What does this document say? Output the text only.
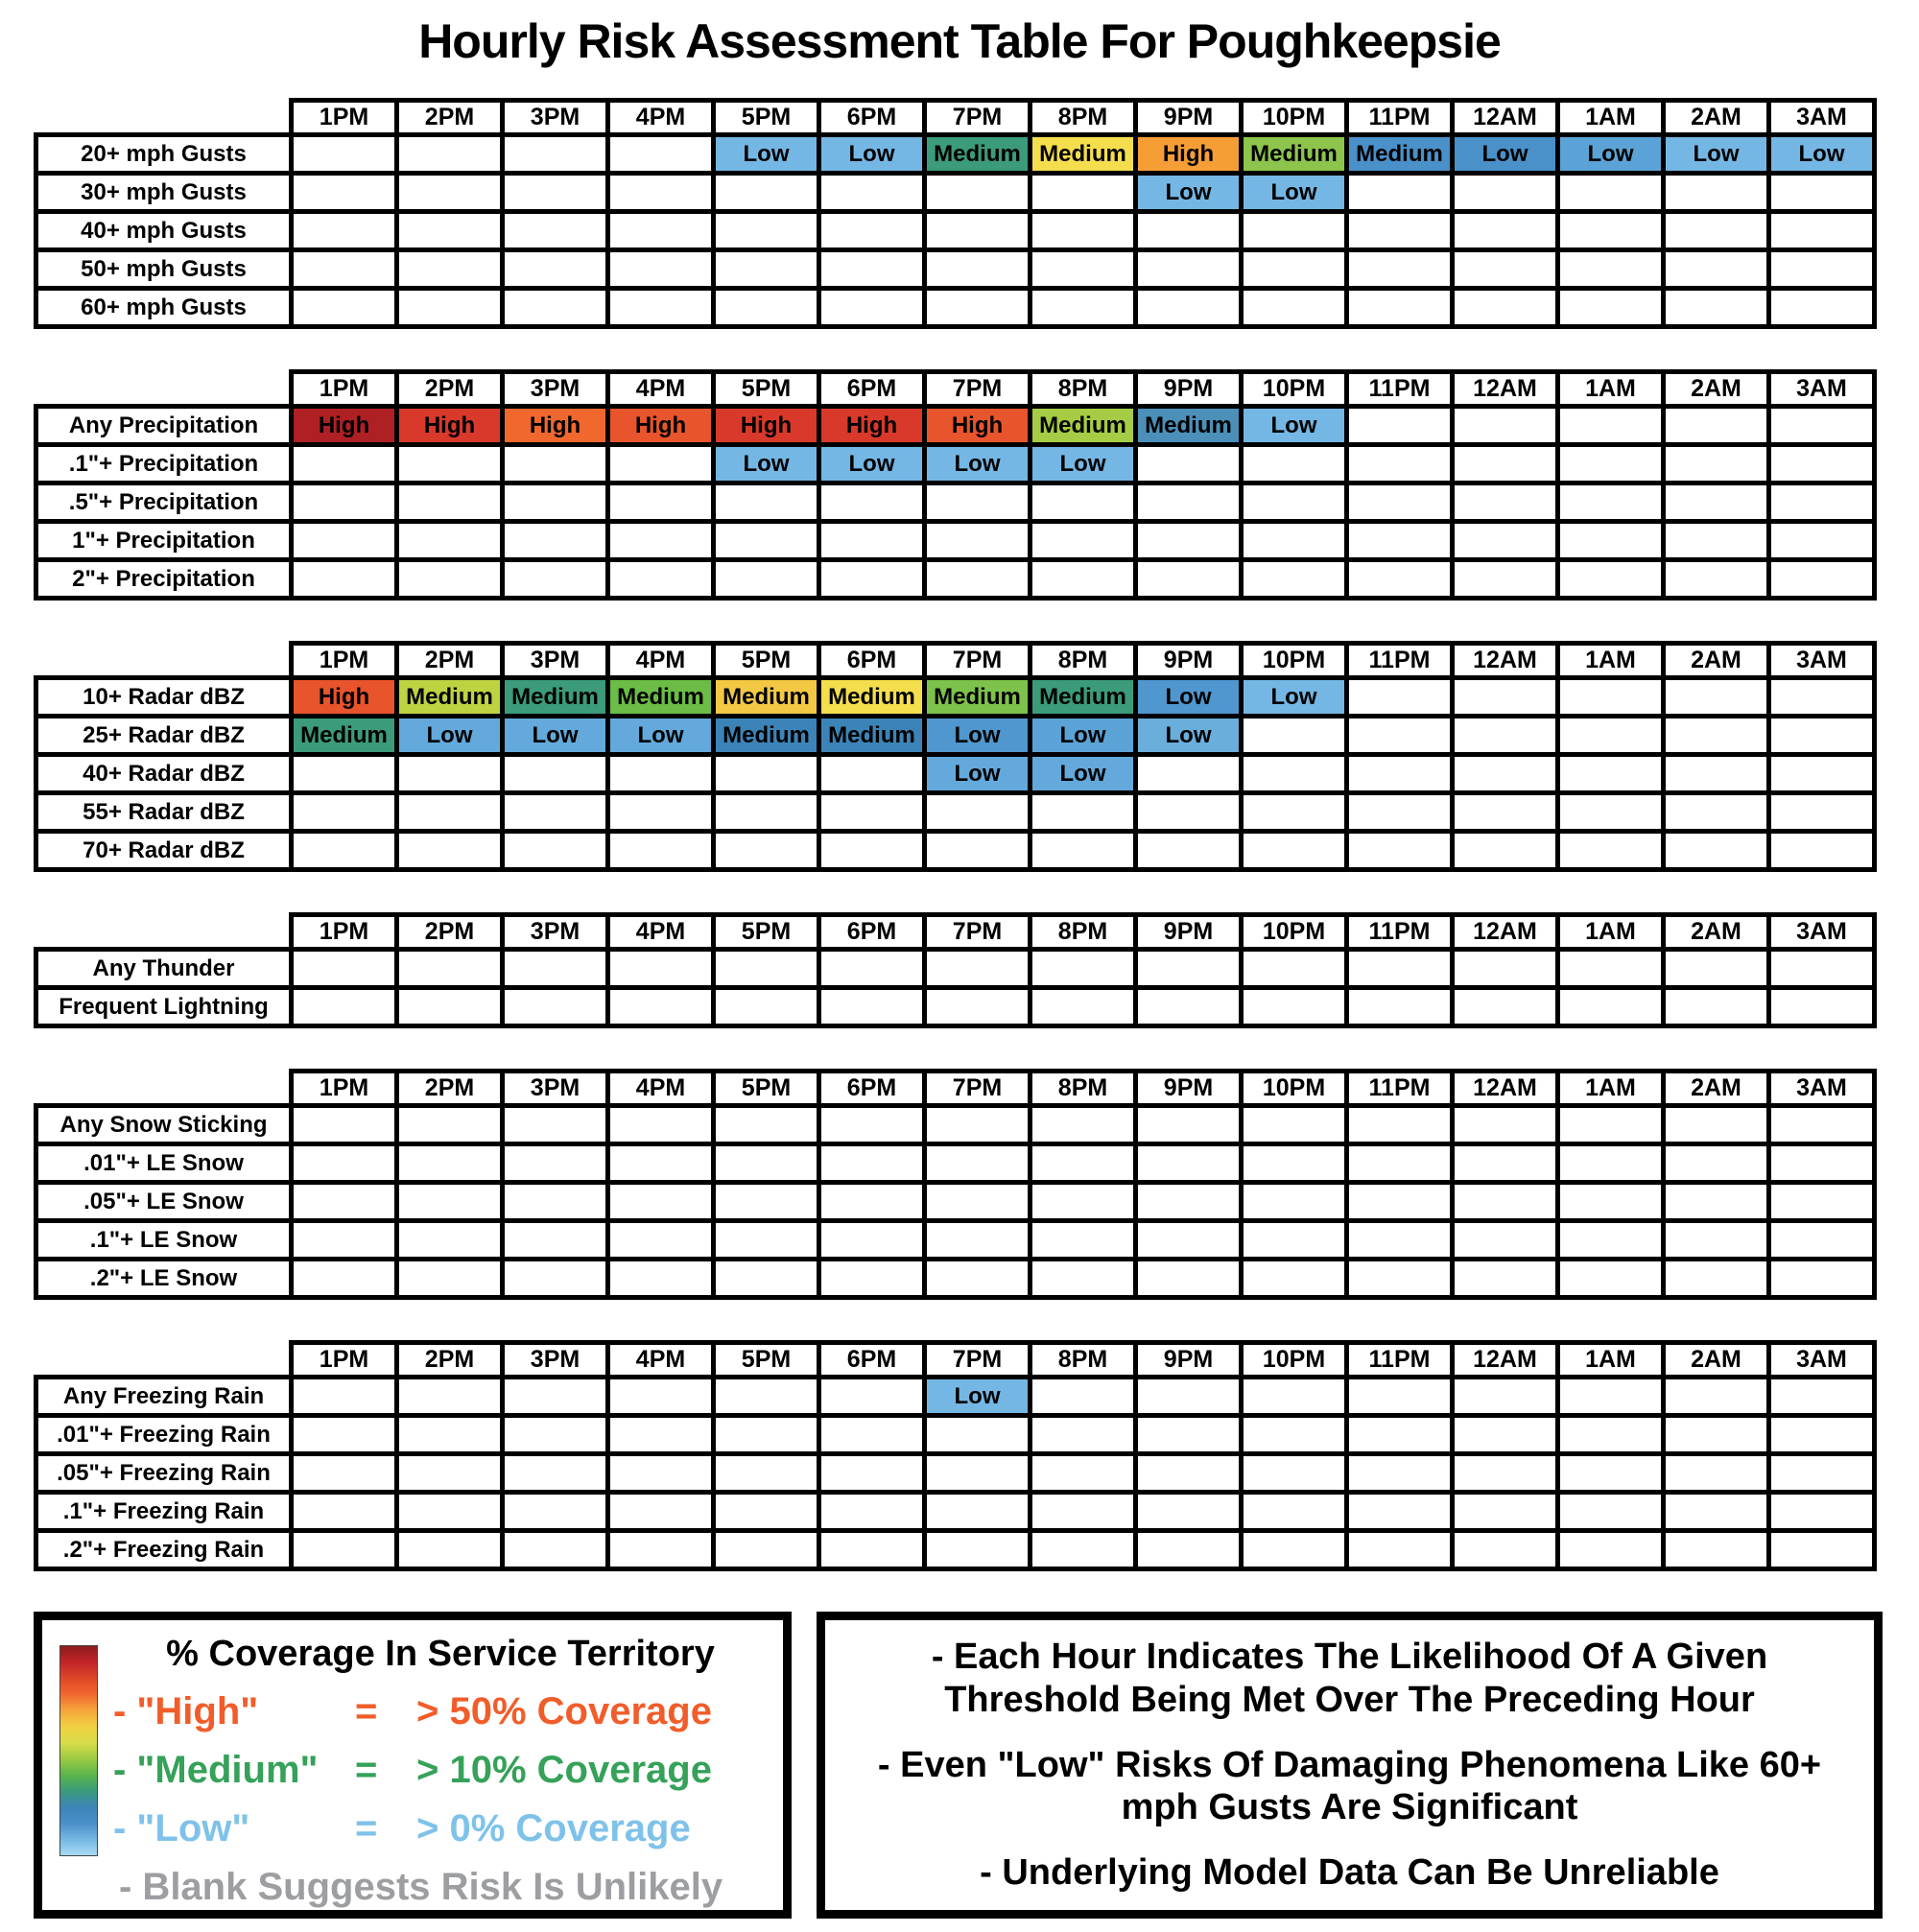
Hourly Risk Assessment Table For Poughkeepsie
	1PM	2PM	3PM	4PM	5PM	6PM	7PM	8PM	9PM	10PM	11PM	12AM	1AM	2AM	3AM
20+ mph Gusts					Low	Low	Medium	Medium	High	Medium	Medium	Low	Low	Low	Low
30+ mph Gusts									Low	Low					
40+ mph Gusts															
50+ mph Gusts															
60+ mph Gusts															
	1PM	2PM	3PM	4PM	5PM	6PM	7PM	8PM	9PM	10PM	11PM	12AM	1AM	2AM	3AM
Any Precipitation	High	High	High	High	High	High	High	Medium	Medium	Low					
.1"+ Precipitation					Low	Low	Low	Low							
.5"+ Precipitation															
1"+ Precipitation															
2"+ Precipitation															
	1PM	2PM	3PM	4PM	5PM	6PM	7PM	8PM	9PM	10PM	11PM	12AM	1AM	2AM	3AM
10+ Radar dBZ	High	Medium	Medium	Medium	Medium	Medium	Medium	Medium	Low	Low					
25+ Radar dBZ	Medium	Low	Low	Low	Medium	Medium	Low	Low	Low						
40+ Radar dBZ							Low	Low							
55+ Radar dBZ															
70+ Radar dBZ															
	1PM	2PM	3PM	4PM	5PM	6PM	7PM	8PM	9PM	10PM	11PM	12AM	1AM	2AM	3AM
Any Thunder															
Frequent Lightning															
	1PM	2PM	3PM	4PM	5PM	6PM	7PM	8PM	9PM	10PM	11PM	12AM	1AM	2AM	3AM
Any Snow Sticking															
.01"+ LE Snow															
.05"+ LE Snow															
.1"+ LE Snow															
.2"+ LE Snow															
	1PM	2PM	3PM	4PM	5PM	6PM	7PM	8PM	9PM	10PM	11PM	12AM	1AM	2AM	3AM
Any Freezing Rain							Low								
.01"+ Freezing Rain															
.05"+ Freezing Rain															
.1"+ Freezing Rain															
.2"+ Freezing Rain															
% Coverage In Service Territory
- "High"	=	> 50% Coverage
- "Medium" =	> 10% Coverage
- "Low"	=	> 0% Coverage
- Blank Suggests Risk Is Unlikely

- Each Hour Indicates The Likelihood Of A Given Threshold Being Met Over The Preceding Hour

- Even "Low" Risks Of Damaging Phenomena Like 60+ mph Gusts Are Significant

- Underlying Model Data Can Be Unreliable
